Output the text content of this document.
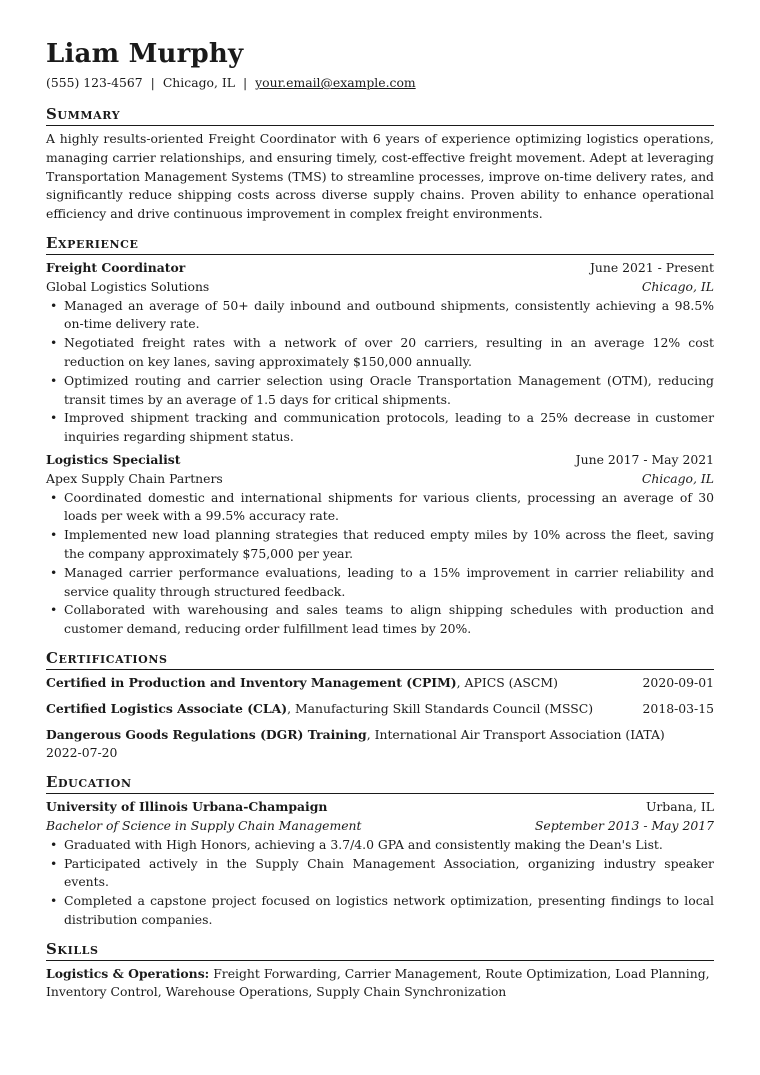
Liam Murphy
(555) 123-4567 | Chicago, IL | your.email@example.com
Summary
A highly results-oriented Freight Coordinator with 6 years of experience optimizing logistics operations, managing carrier relationships, and ensuring timely, cost-effective freight movement. Adept at leveraging Transportation Management Systems (TMS) to streamline processes, improve on-time delivery rates, and significantly reduce shipping costs across diverse supply chains. Proven ability to enhance operational efficiency and drive continuous improvement in complex freight environments.
Experience
Freight Coordinator	June 2021 - Present
Global Logistics Solutions	Chicago, IL
• Managed an average of 50+ daily inbound and outbound shipments, consistently achieving a 98.5% on-time delivery rate.
• Negotiated freight rates with a network of over 20 carriers, resulting in an average 12% cost reduction on key lanes, saving approximately $150,000 annually.
• Optimized routing and carrier selection using Oracle Transportation Management (OTM), reducing transit times by an average of 1.5 days for critical shipments.
• Improved shipment tracking and communication protocols, leading to a 25% decrease in customer inquiries regarding shipment status.
Logistics Specialist	June 2017 - May 2021
Apex Supply Chain Partners	Chicago, IL
• Coordinated domestic and international shipments for various clients, processing an average of 30 loads per week with a 99.5% accuracy rate.
• Implemented new load planning strategies that reduced empty miles by 10% across the fleet, saving the company approximately $75,000 per year.
• Managed carrier performance evaluations, leading to a 15% improvement in carrier reliability and service quality through structured feedback.
• Collaborated with warehousing and sales teams to align shipping schedules with production and customer demand, reducing order fulfillment lead times by 20%.
Certifications
Certified in Production and Inventory Management (CPIM), APICS (ASCM)	2020-09-01
Certified Logistics Associate (CLA), Manufacturing Skill Standards Council (MSSC)	2018-03-15
Dangerous Goods Regulations (DGR) Training, International Air Transport Association (IATA)
2022-07-20
Education
University of Illinois Urbana-Champaign	Urbana, IL
Bachelor of Science in Supply Chain Management	September 2013 - May 2017
• Graduated with High Honors, achieving a 3.7/4.0 GPA and consistently making the Dean's List.
• Participated actively in the Supply Chain Management Association, organizing industry speaker events.
• Completed a capstone project focused on logistics network optimization, presenting findings to local distribution companies.
Skills
Logistics & Operations: Freight Forwarding, Carrier Management, Route Optimization, Load Planning, Inventory Control, Warehouse Operations, Supply Chain Synchronization
